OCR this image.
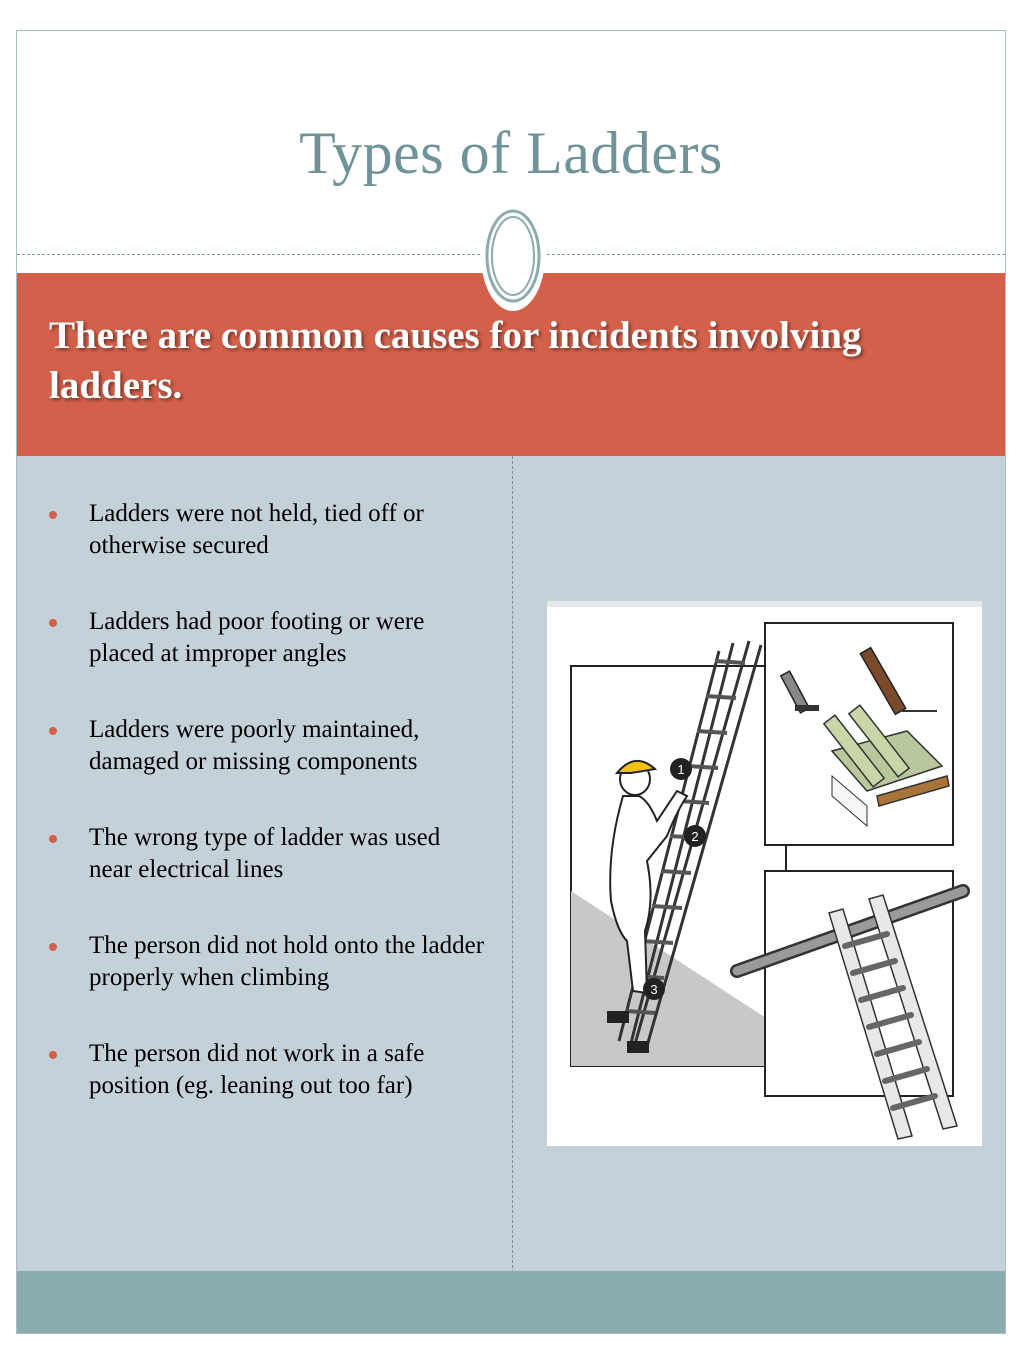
Types of Ladders
There are common causes for incidents involving ladders.
Ladders were not held, tied off or otherwise secured
Ladders had poor footing or were placed at improper angles
Ladders were poorly maintained, damaged or missing components
The wrong type of ladder was used near electrical lines
The person did not hold onto the ladder properly when climbing
The person did not work in a safe position (eg. leaning out too far)
1
2
3
